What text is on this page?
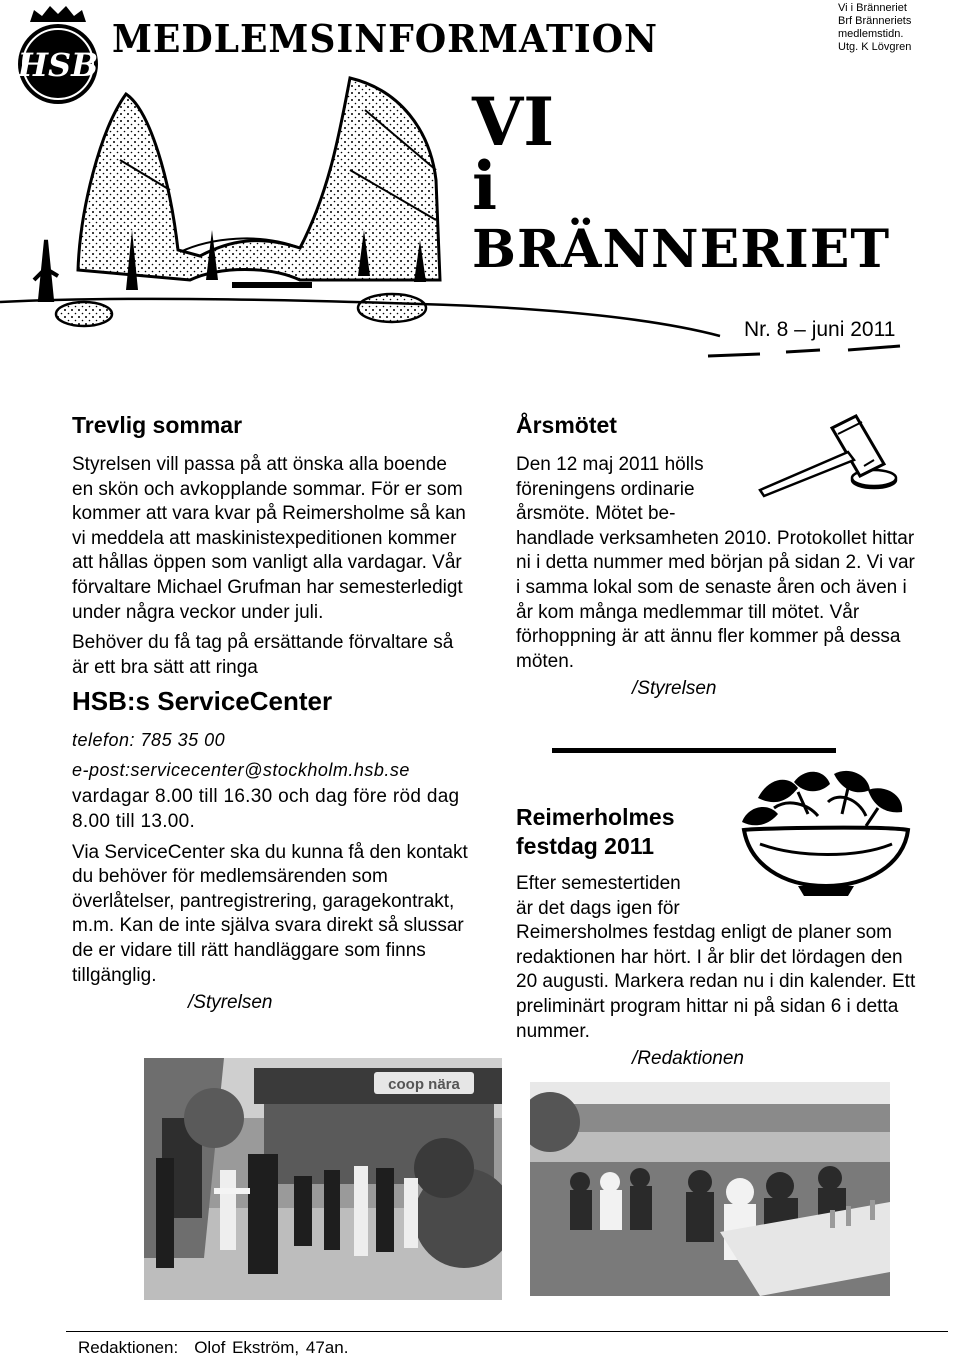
Vi i Bränneriet
Brf Bränneriets
medlemstidn.
Utg. K Lövgren
HSB
MEDLEMSINFORMATION
VI
i
BRÄNNERIET
Nr. 8 – juni 2011
Trevlig sommar
Styrelsen vill passa på att önska alla boende en skön och avkopplande sommar. För er som kommer att vara kvar på Reimersholme så kan vi meddela att maskinistexpeditionen kommer att hållas öppen som vanligt alla vardagar. Vår förvaltare Michael Grufman har semesterledigt under några veckor under juli.
Behöver du få tag på ersättande förvaltare så är ett bra sätt att ringa
HSB:s ServiceCenter
telefon: 785 35 00
e-post:servicecenter@stockholm.hsb.se
vardagar 8.00 till 16.30 och dag före röd dag 8.00 till 13.00.
Via ServiceCenter ska du kunna få den kontakt du behöver för medlemsärenden som överlåtelser, pantregistrering, garagekontrakt, m.m. Kan de inte själva svara direkt så slussar de er vidare till rätt handläggare som finns tillgänglig.
/Styrelsen
Årsmötet
Den 12 maj 2011 hölls
föreningens ordinarie
årsmöte. Mötet be-
handlade verksamheten 2010. Protokollet hittar ni i detta nummer med början på sidan 2. Vi var i samma lokal som de senaste åren och även i år kom många medlemmar till mötet. Vår förhoppning är att ännu fler kommer på dessa möten.
/Styrelsen
Reimerholmes
festdag 2011
Efter semestertiden
är det dags igen för
Reimersholmes festdag enligt de planer som redaktionen har hört. I år blir det lördagen den 20 augusti. Markera redan nu i din kalender. Ett preliminärt program hittar ni på sidan 6 i detta nummer.
/Redaktionen
coop nära
Redaktionen: Olof Ekström, 47an.
